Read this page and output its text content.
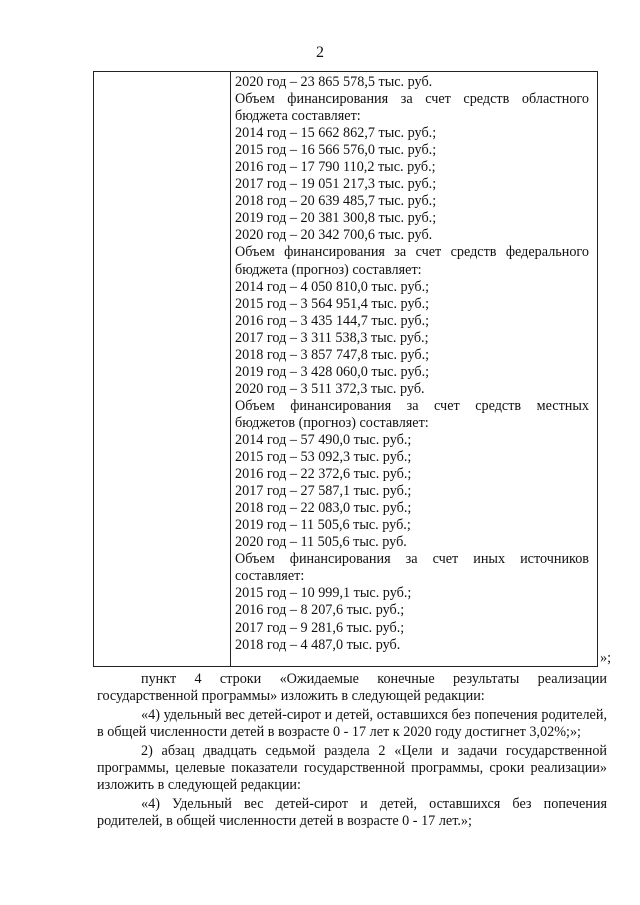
2
2020 год – 23 865 578,5 тыс. руб.
Объем финансирования за счет средств областного бюджета составляет:
2014 год – 15 662 862,7 тыс. руб.;
2015 год – 16 566 576,0 тыс. руб.;
2016 год – 17 790 110,2 тыс. руб.;
2017 год – 19 051 217,3 тыс. руб.;
2018 год – 20 639 485,7 тыс. руб.;
2019 год – 20 381 300,8 тыс. руб.;
2020 год – 20 342 700,6 тыс. руб.
Объем финансирования за счет средств федерального бюджета (прогноз) составляет:
2014 год – 4 050 810,0 тыс. руб.;
2015 год – 3 564 951,4 тыс. руб.;
2016 год – 3 435 144,7 тыс. руб.;
2017 год – 3 311 538,3 тыс. руб.;
2018 год – 3 857 747,8 тыс. руб.;
2019 год – 3 428 060,0 тыс. руб.;
2020 год – 3 511 372,3 тыс. руб.
Объем финансирования за счет средств местных бюджетов (прогноз) составляет:
2014 год – 57 490,0 тыс. руб.;
2015 год – 53 092,3 тыс. руб.;
2016 год – 22 372,6 тыс. руб.;
2017 год – 27 587,1 тыс. руб.;
2018 год – 22 083,0 тыс. руб.;
2019 год – 11 505,6 тыс. руб.;
2020 год – 11 505,6 тыс. руб.
Объем финансирования за счет иных источников составляет:
2015 год – 10 999,1 тыс. руб.;
2016 год – 8 207,6 тыс. руб.;
2017 год – 9 281,6 тыс. руб.;
2018 год – 4 487,0 тыс. руб.
»;

пункт 4 строки «Ожидаемые конечные результаты реализации государственной программы» изложить в следующей редакции:

«4) удельный вес детей-сирот и детей, оставшихся без попечения родителей, в общей численности детей в возрасте 0 - 17 лет к 2020 году достигнет 3,02%;»;

2) абзац двадцать седьмой раздела 2 «Цели и задачи государственной программы, целевые показатели государственной программы, сроки реализации» изложить в следующей редакции:

«4) Удельный вес детей-сирот и детей, оставшихся без попечения родителей, в общей численности детей в возрасте 0 - 17 лет.»;
